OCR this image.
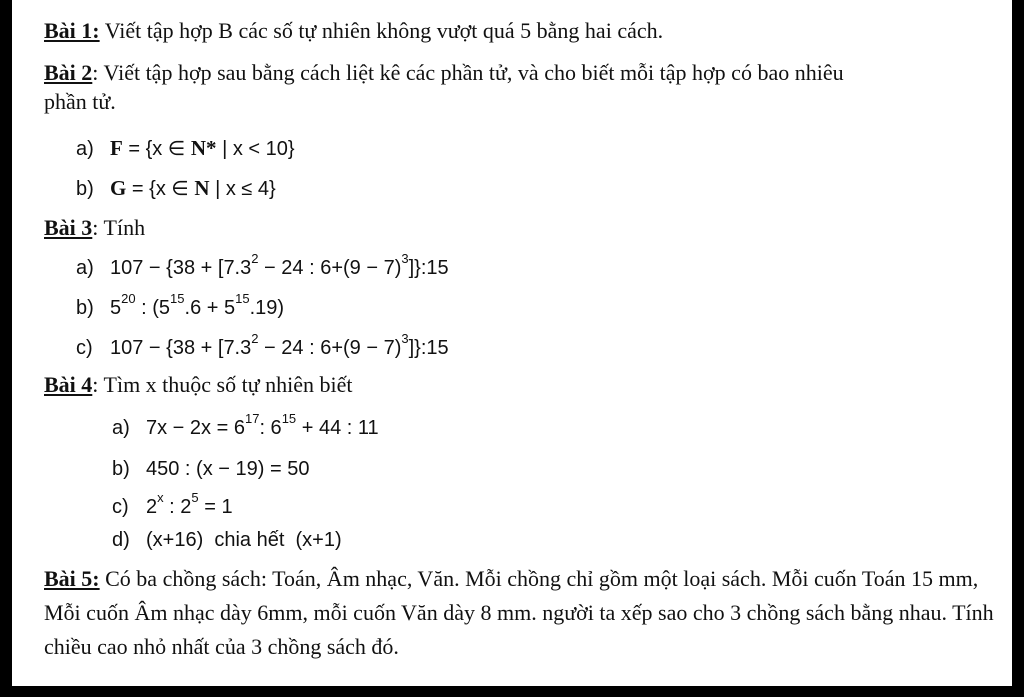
Bài 1: Viết tập hợp B các số tự nhiên không vượt quá 5 bằng hai cách.
Bài 2: Viết tập hợp sau bằng cách liệt kê các phần tử, và cho biết mỗi tập hợp có bao nhiêu
phần tử.
a) F = {x ∈ N* | x < 10}
b) G = {x ∈ N | x ≤ 4}
Bài 3: Tính
a) $107 - \{38 + [7.3^2 - 24$ : $6+(9 - 7)^3]\}:15$
b) $5^{20}$ : $(5^{15}.6 + 5^{15}.19)$
c) $107 - \{38 + [7.3^2 - 24$ : $6+(9 - 7)^3]\}:15$
Bài 4: Tìm x thuộc số tự nhiên biết
a) $7x - 2x = 6^{17}$: $6^{15} + 44$ : 11
b) 450 : (x − 19) = 50
c) 2$^x$ : $2^5 = 1$
d) (x+16)  chia hết  (x+1)
Bài 5: Có ba chồng sách: Toán, Âm nhạc, Văn. Mỗi chồng chỉ gồm một loại sách. Mỗi cuốn Toán 15 mm, Mỗi cuốn Âm nhạc dày 6mm, mỗi cuốn Văn dày 8 mm. người ta xếp sao cho 3 chồng sách bằng nhau. Tính chiều cao nhỏ nhất của 3 chồng sách đó.
